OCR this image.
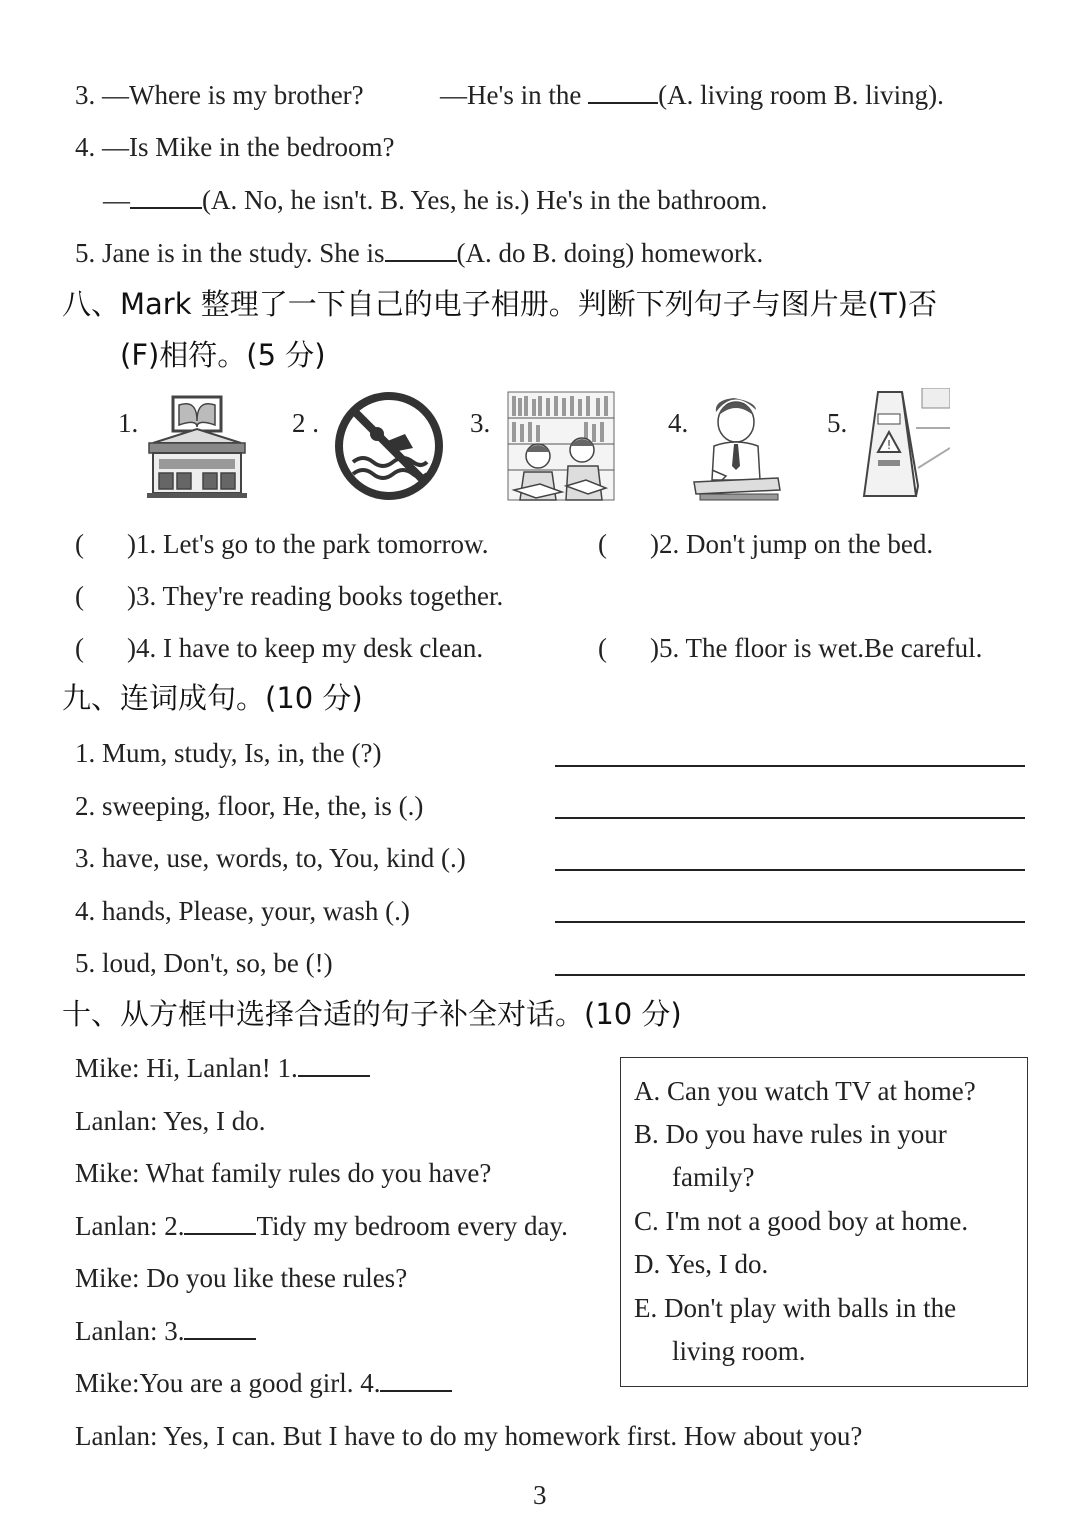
3. —Where is my brother?	—He's in the	(A. living room B. living).
4. —Is Mike in the bedroom?
—	(A. No, he isn't. B. Yes, he is.) He's in the bathroom.
5. Jane is in the study. She is	(A. do B. doing) homework.
八、Mark 整理了一下自己的电子相册。判断下列句子与图片是(T)否
(F)相符。(5 分)
1.	2 .	3.	4.	5.
!
( )1. Let's go to the park tomorrow.	( )2. Don't jump on the bed.
( )3. They're reading books together.
( )4. I have to keep my desk clean.	( )5. The floor is wet.Be careful.
九、连词成句。(10 分)
1. Mum, study, Is, in, the (?)
2. sweeping, floor, He, the, is (.)
3. have, use, words, to, You, kind (.)
4. hands, Please, your, wash (.)
5. loud, Don't, so, be (!)
十、从方框中选择合适的句子补全对话。(10 分)
Mike: Hi, Lanlan! 1.
Lanlan: Yes, I do.
Mike: What family rules do you have?
Lanlan: 2.	Tidy my bedroom every day.
Mike: Do you like these rules?
Lanlan: 3.
Mike:You are a good girl. 4.
Lanlan: Yes, I can. But I have to do my homework first. How about you?
A. Can you watch TV at home?
B. Do you have rules in your
family?
C. I'm not a good boy at home.
D. Yes, I do.
E. Don't play with balls in the
living room.
3
